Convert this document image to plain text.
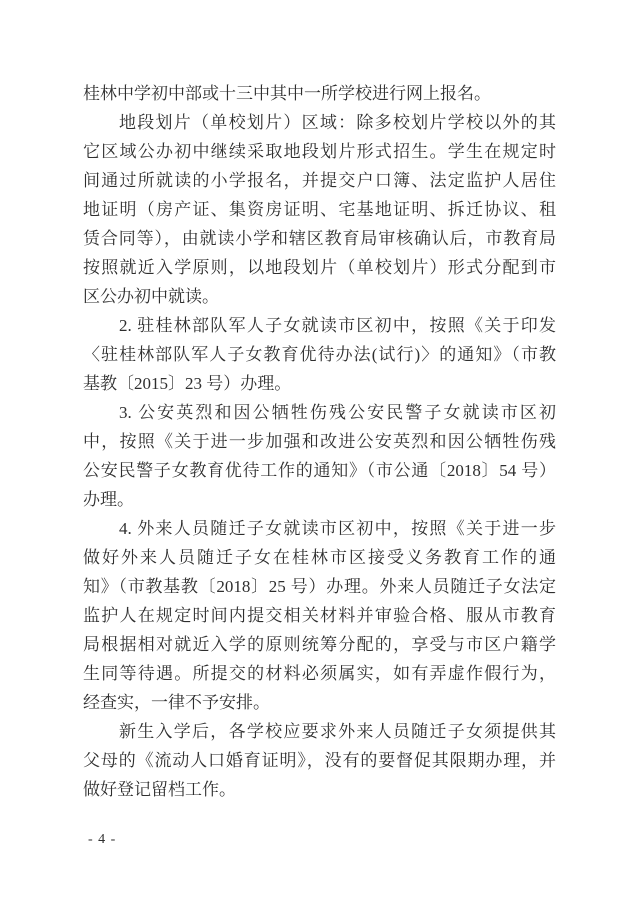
桂林中学初中部或十三中其中一所学校进行网上报名。
地段划片（单校划片）区域：除多校划片学校以外的其
它区域公办初中继续采取地段划片形式招生。学生在规定时
间通过所就读的小学报名，并提交户口簿、法定监护人居住
地证明（房产证、集资房证明、宅基地证明、拆迁协议、租
赁合同等），由就读小学和辖区教育局审核确认后，市教育局
按照就近入学原则，以地段划片（单校划片）形式分配到市
区公办初中就读。
2. 驻桂林部队军人子女就读市区初中，按照《关于印发
〈驻桂林部队军人子女教育优待办法(试行)〉的通知》（市教
基教〔2015〕23 号）办理。
3. 公安英烈和因公牺牲伤残公安民警子女就读市区初
中，按照《关于进一步加强和改进公安英烈和因公牺牲伤残
公安民警子女教育优待工作的通知》（市公通〔2018〕54 号）
办理。
4. 外来人员随迁子女就读市区初中，按照《关于进一步
做好外来人员随迁子女在桂林市区接受义务教育工作的通
知》（市教基教〔2018〕25 号）办理。外来人员随迁子女法定
监护人在规定时间内提交相关材料并审验合格、服从市教育
局根据相对就近入学的原则统筹分配的，享受与市区户籍学
生同等待遇。所提交的材料必须属实，如有弄虚作假行为，
经查实，一律不予安排。
新生入学后，各学校应要求外来人员随迁子女须提供其
父母的《流动人口婚育证明》，没有的要督促其限期办理，并
做好登记留档工作。
- 4 -
